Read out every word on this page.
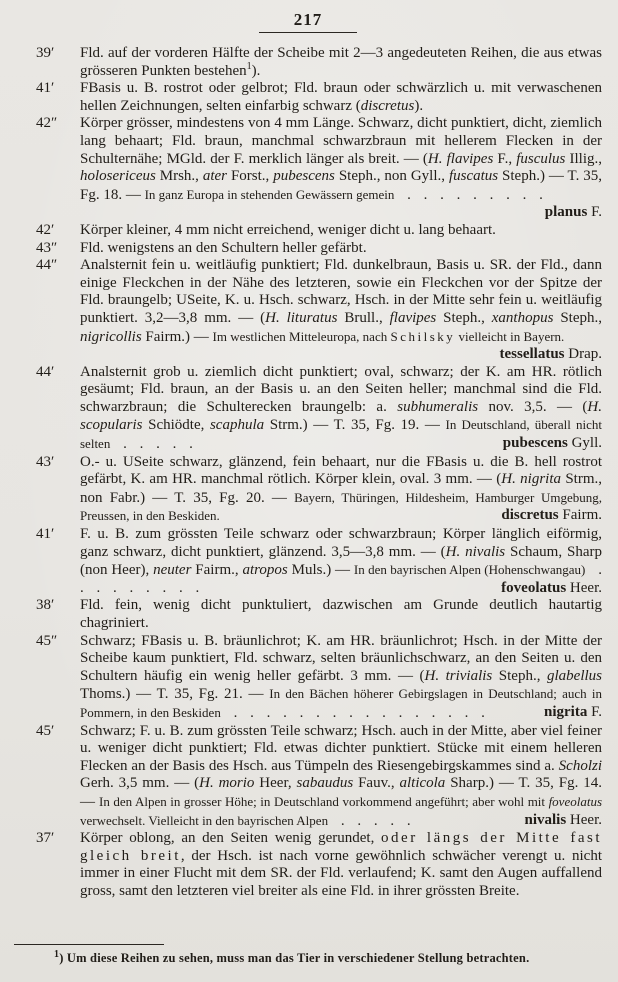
217
39′	Fld. auf der vorderen Hälfte der Scheibe mit 2—3 angedeuteten Reihen, die aus etwas grösseren Punkten bestehen$^1$).
41′	FBasis u. B. rostrot oder gelbrot; Fld. braun oder schwärzlich u. mit verwaschenen hellen Zeichnungen, selten einfarbig schwarz (discretus).
42″	Körper grösser, mindestens von 4 mm Länge. Schwarz, dicht punktiert, dicht, ziemlich lang behaart; Fld. braun, manchmal schwarzbraun mit hellerem Flecken in der Schulternähe; MGld. der F. merklich länger als breit. — (H. flavipes F., fusculus Illig., holosericeus Mrsh., ater Forst., pubescens Steph., non Gyll., fuscatus Steph.) — T. 35, Fg. 18. — In ganz Europa in stehenden Gewässern gemein . . . . . . . . .
planus F.
42′	Körper kleiner, 4 mm nicht erreichend, weniger dicht u. lang behaart.
43″	Fld. wenigstens an den Schultern heller gefärbt.
44″	Analsternit fein u. weitläufig punktiert; Fld. dunkelbraun, Basis u. SR. der Fld., dann einige Fleckchen in der Nähe des letzteren, sowie ein Fleckchen vor der Spitze der Fld. braungelb; USeite, K. u. Hsch. schwarz, Hsch. in der Mitte sehr fein u. weitläufig punktiert. 3,2—3,8 mm. — (H. lituratus Brull., flavipes Steph., xanthopus Steph., nigricollis Fairm.) — Im westlichen Mitteleuropa, nach Schilsky vielleicht in Bayern.
tessellatus Drap.
44′	Analsternit grob u. ziemlich dicht punktiert; oval, schwarz; der K. am HR. rötlich gesäumt; Fld. braun, an der Basis u. an den Seiten heller; manchmal sind die Fld. schwarzbraun; die Schulterecken braungelb: a. subhumeralis nov. 3,5. — (H. scopularis Schiödte, scaphula Strm.) — T. 35, Fg. 19. — In Deutschland, überall nicht selten . . . . .	pubescens Gyll.
43′	O.- u. USeite schwarz, glänzend, fein behaart, nur die FBasis u. die B. hell rostrot gefärbt, K. am HR. manchmal rötlich. Körper klein, oval. 3 mm. — (H. nigrita Strm., non Fabr.) — T. 35, Fg. 20. — Bayern, Thüringen, Hildesheim, Hamburger Umgebung, Preussen, in den Beskiden.	discretus Fairm.
41′	F. u. B. zum grössten Teile schwarz oder schwarzbraun; Körper länglich eiförmig, ganz schwarz, dicht punktiert, glänzend. 3,5—3,8 mm. — (H. nivalis Schaum, Sharp (non Heer), neuter Fairm., atropos Muls.) — In den bayrischen Alpen (Hohenschwangau) . . . . . . . . .	foveolatus Heer.
38′	Fld. fein, wenig dicht punktuliert, dazwischen am Grunde deutlich hautartig chagriniert.
45″	Schwarz; FBasis u. B. bräunlichrot; K. am HR. bräunlichrot; Hsch. in der Mitte der Scheibe kaum punktiert, Fld. schwarz, selten bräunlichschwarz, an den Seiten u. den Schultern häufig ein wenig heller gefärbt. 3 mm. — (H. trivialis Steph., glabellus Thoms.) — T. 35, Fg. 21. — In den Bächen höherer Gebirgslagen in Deutschland; auch in Pommern, in den Beskiden . . . . . . . . . . . . . . . .	nigrita F.
45′	Schwarz; F. u. B. zum grössten Teile schwarz; Hsch. auch in der Mitte, aber viel feiner u. weniger dicht punktiert; Fld. etwas dichter punktiert. Stücke mit einem helleren Flecken an der Basis des Hsch. aus Tümpeln des Riesengebirgskammes sind a. Scholzi Gerh. 3,5 mm. — (H. morio Heer, sabaudus Fauv., alticola Sharp.) — T. 35, Fg. 14. — In den Alpen in grosser Höhe; in Deutschland vorkommend angeführt; aber wohl mit foveolatus verwechselt. Vielleicht in den bayrischen Alpen . . . . .	nivalis Heer.
37′	Körper oblong, an den Seiten wenig gerundet, oder längs der Mitte fast gleich breit, der Hsch. ist nach vorne gewöhnlich schwächer verengt u. nicht immer in einer Flucht mit dem SR. der Fld. verlaufend; K. samt den Augen auffallend gross, samt den letzteren viel breiter als eine Fld. in ihrer grössten Breite.
$^1$) Um diese Reihen zu sehen, muss man das Tier in verschiedener Stellung betrachten.
